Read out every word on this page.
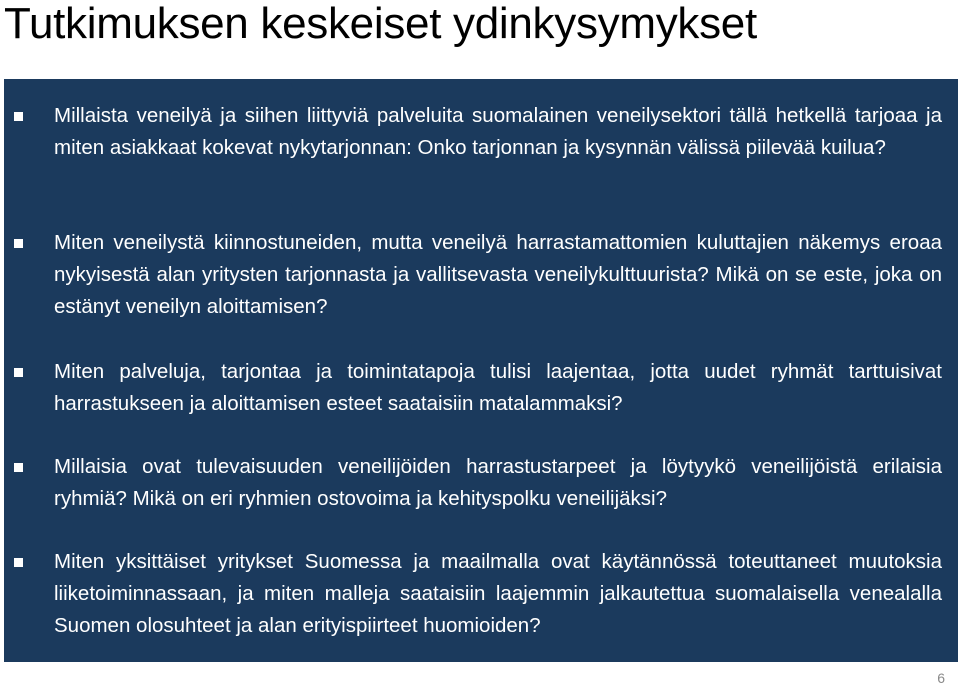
Tutkimuksen keskeiset ydinkysymykset
Millaista veneilyä ja siihen liittyviä palveluita suomalainen veneilysektori tällä hetkellä tarjoaa ja miten asiakkaat kokevat nykytarjonnan: Onko tarjonnan ja kysynnän välissä piilevää kuilua?
Miten veneilystä kiinnostuneiden, mutta veneilyä harrastamattomien kuluttajien näkemys eroaa nykyisestä alan yritysten tarjonnasta ja vallitsevasta veneilykulttuurista? Mikä on se este, joka on estänyt veneilyn aloittamisen?
Miten palveluja, tarjontaa ja toimintatapoja tulisi laajentaa, jotta uudet ryhmät tarttuisivat harrastukseen ja aloittamisen esteet saataisiin matalammaksi?
Millaisia ovat tulevaisuuden veneilijöiden harrastustarpeet ja löytyykö veneilijöistä erilaisia ryhmiä? Mikä on eri ryhmien ostovoima ja kehityspolku veneilijäksi?
Miten yksittäiset yritykset Suomessa ja maailmalla ovat käytännössä toteuttaneet muutoksia liiketoiminnassaan, ja miten malleja saataisiin laajemmin jalkautettua suomalaisella venealalla Suomen olosuhteet ja alan erityispiirteet huomioiden?
6
